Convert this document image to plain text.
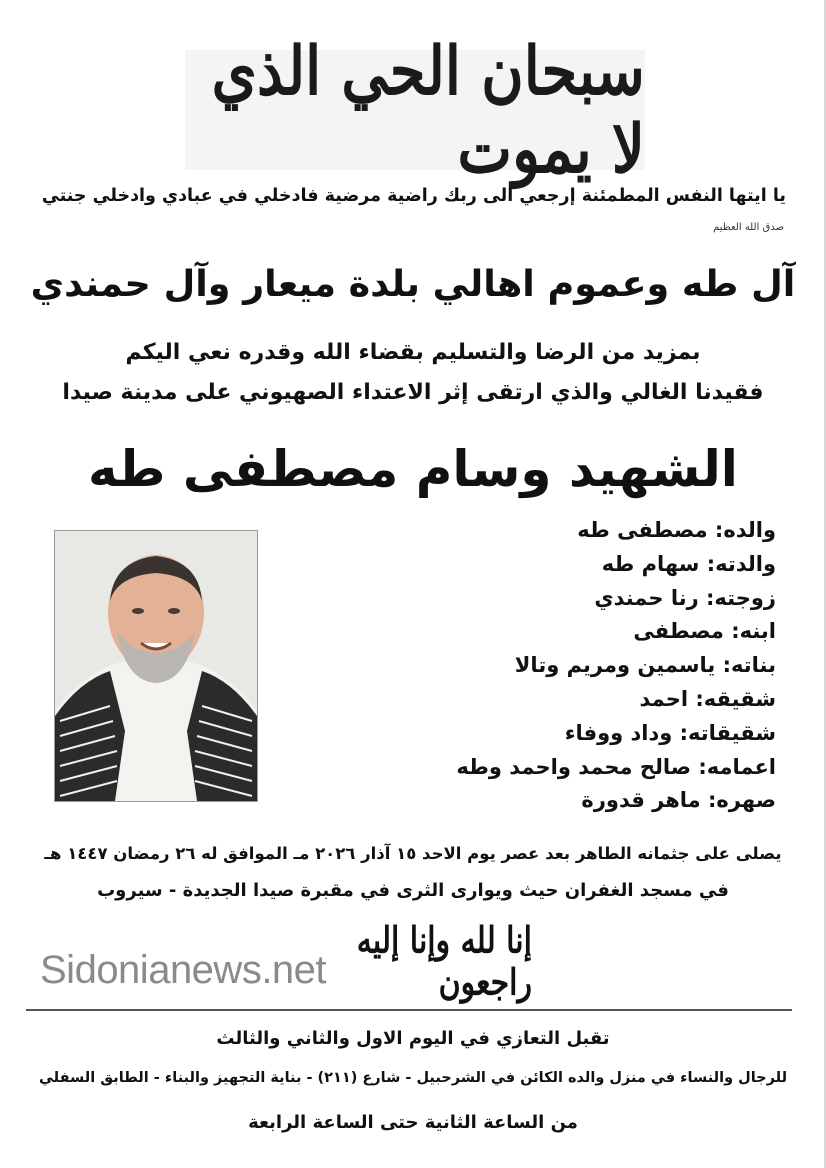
سبحان الحي الذي لا يموت
يا ايتها النفس المطمئنة إرجعي الى ربك راضية مرضية فادخلي في عبادي وادخلي جنتي
صدق الله العظيم
آل طه وعموم اهالي بلدة ميعار وآل حمندي
بمزيد من الرضا والتسليم بقضاء الله وقدره نعي اليكم
فقيدنا الغالي والذي ارتقى إثر الاعتداء الصهيوني على مدينة صيدا
الشهيد وسام مصطفى طه
والده: مصطفى طه
والدته: سهام طه
زوجته: رنا حمندي
ابنه: مصطفى
بناته: ياسمين ومريم وتالا
شقيقه: احمد
شقيقاته: وداد ووفاء
اعمامه: صالح محمد واحمد وطه
صهره: ماهر قدورة
يصلى على جثمانه الطاهر بعد عصر يوم الاحد ١٥ آذار ٢٠٢٦ مـ الموافق له ٢٦ رمضان ١٤٤٧ هـ
في مسجد الغفران حيث ويوارى الثرى في مقبرة صيدا الجديدة - سيروب
Sidonianews.net
إنا لله وإنا إليه راجعون
تقبل التعازي في اليوم الاول والثاني والثالث
للرجال والنساء في منزل والده الكائن في الشرحبيل - شارع (٢١١) - بناية التجهيز والبناء - الطابق السفلي
من الساعة الثانية حتى الساعة الرابعة
